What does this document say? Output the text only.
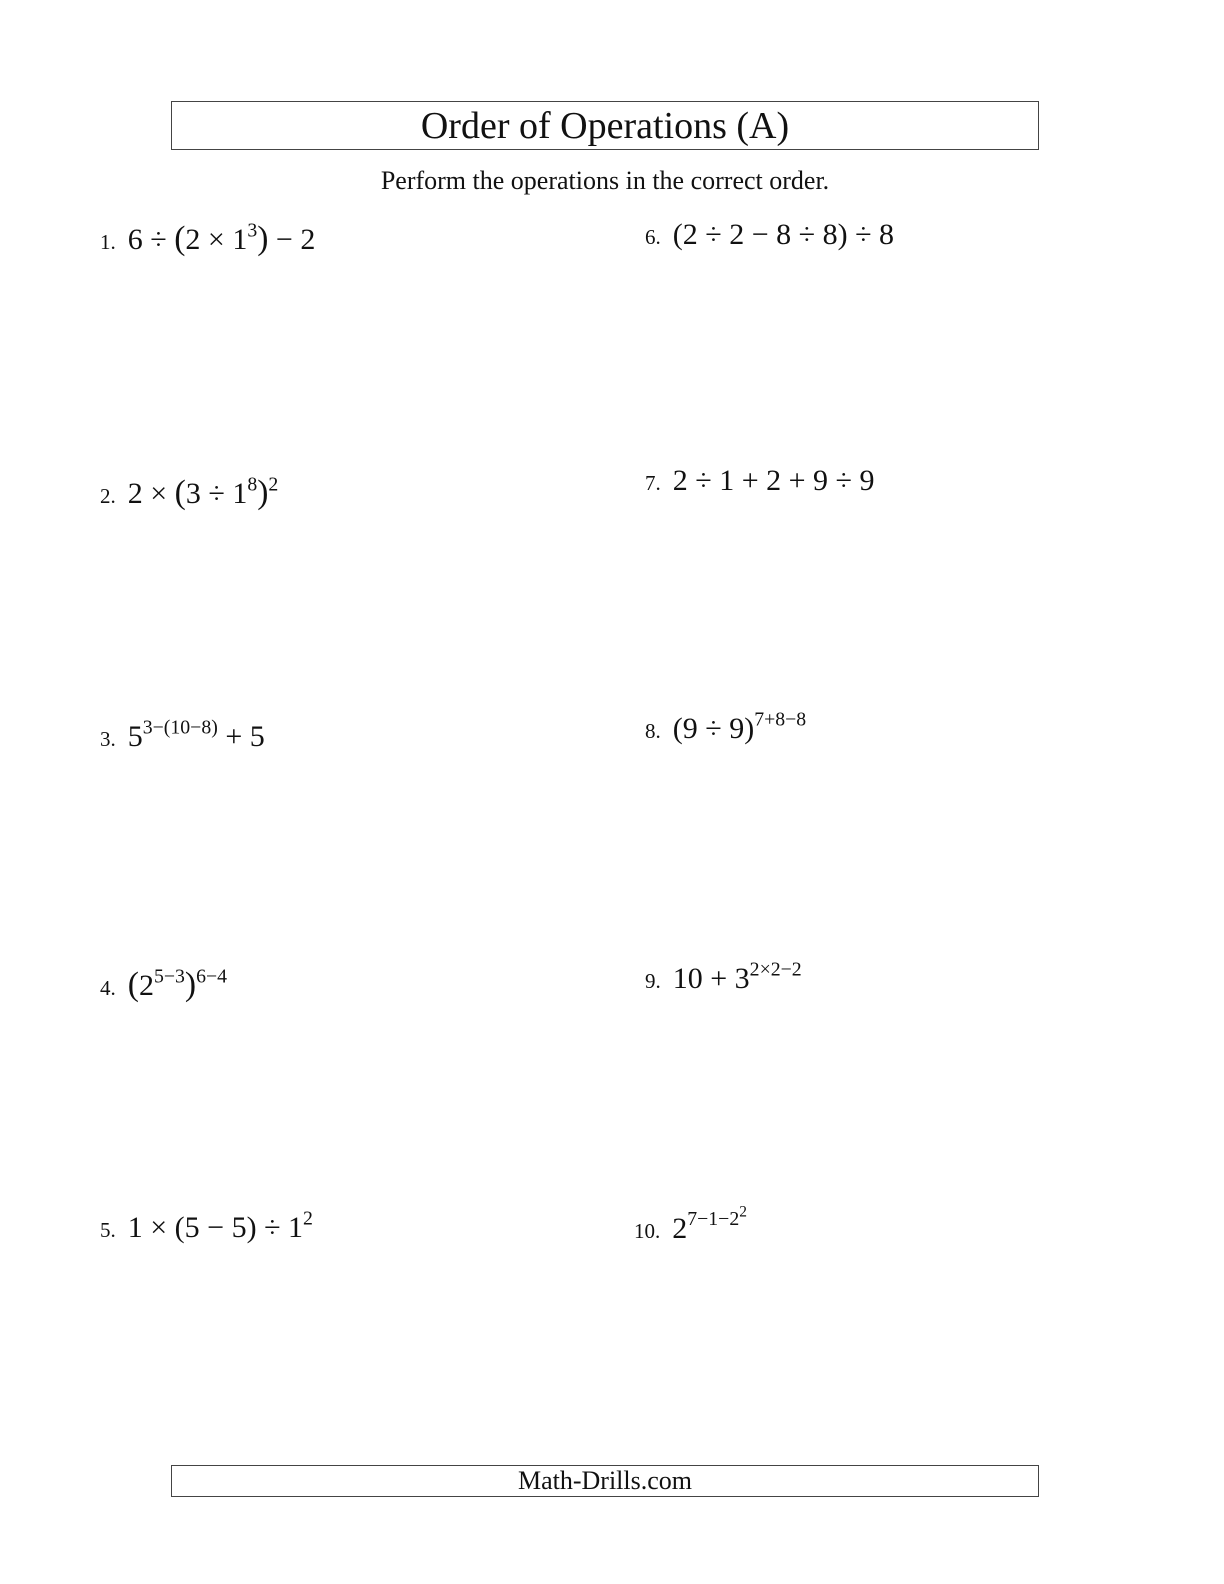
Order of Operations (A)
Perform the operations in the correct order.
1. $6 \div (2 \times 1^3) - 2$
2. $2 \times (3 \div 1^8)^2$
3. $5^{3-(10-8)} + 5$
4. $(2^{5-3})^{6-4}$
5. $1 \times (5 - 5) \div 1^2$
6. (2 ÷ 2 − 8 ÷ 8) ÷ 8
7. 2 ÷ 1 + 2 + 9 ÷ 9
8. $(9 \div 9)^{7+8-8}$
9. $10 + 3^{2\times 2-2}$
10. $2^{7-1-2^2}$
Math-Drills.com
